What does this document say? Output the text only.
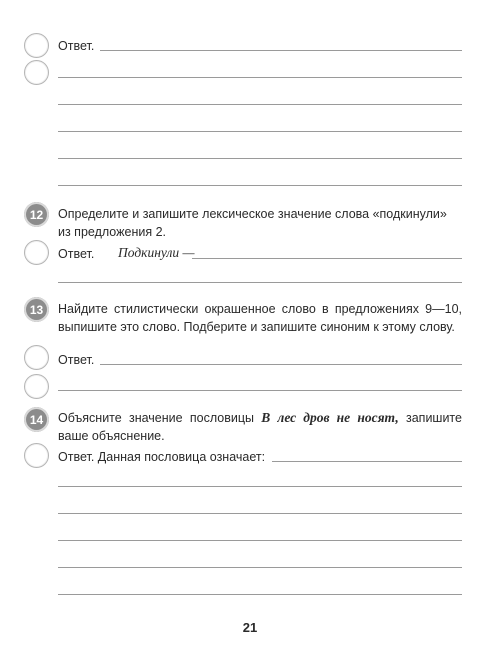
Ответ.
12	Определите и запишите лексическое значение слова «подкинули»
из предложения 2.
Ответ. Подкинули —
13	Найдите стилистически окрашенное слово в предложениях 9—10, выпишите это слово. Подберите и запишите синоним к этому слову.
Ответ.
14	Объясните значение пословицы В лес дров не носят, запишите ваше объяснение.
Ответ. Данная пословица означает:
21
